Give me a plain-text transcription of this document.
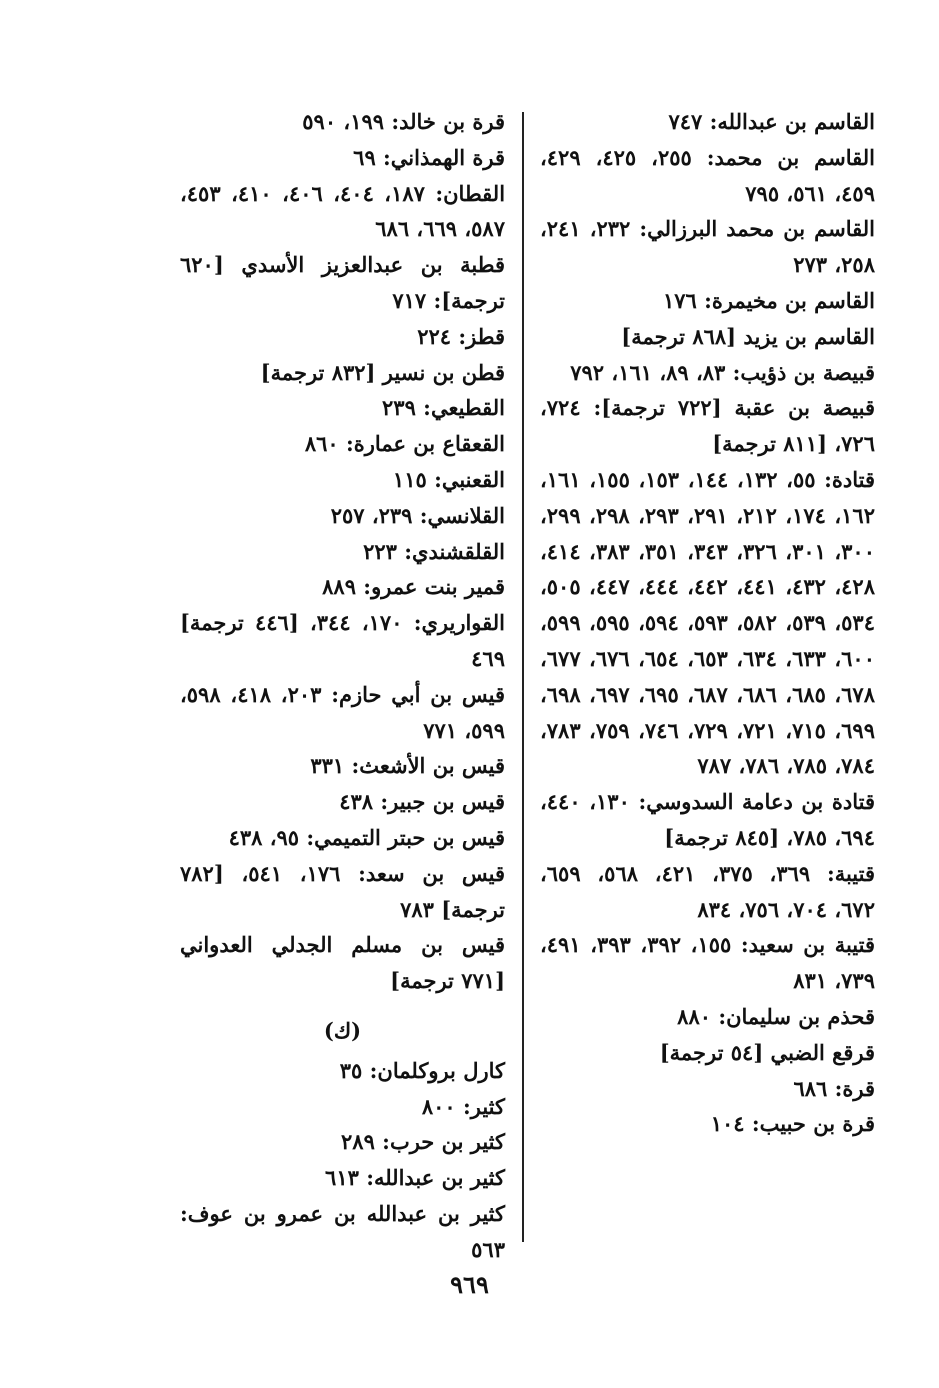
القاسم بن عبدالله: ٧٤٧
القاسم بن محمد: ٢٥٥، ٤٢٥، ٤٢٩، ٤٥٩، ٥٦١، ٧٩٥
القاسم بن محمد البرزالي: ٢٣٢، ٢٤١، ٢٥٨، ٢٧٣
القاسم بن مخيمرة: ١٧٦
القاسم بن يزيد [٨٦٨ ترجمة]
قبيصة بن ذؤيب: ٨٣، ٨٩، ١٦١، ٧٩٢
قبيصة بن عقبة [٧٢٢ ترجمة]: ٧٢٤، ٧٢٦، [٨١١ ترجمة]
قتادة: ٥٥، ١٣٢، ١٤٤، ١٥٣، ١٥٥، ١٦١، ١٦٢، ١٧٤، ٢١٢، ٢٩١، ٢٩٣، ٢٩٨، ٢٩٩، ٣٠٠، ٣٠١، ٣٢٦، ٣٤٣، ٣٥١، ٣٨٣، ٤١٤، ٤٢٨، ٤٣٢، ٤٤١، ٤٤٢، ٤٤٤، ٤٤٧، ٥٠٥، ٥٣٤، ٥٣٩، ٥٨٢، ٥٩٣، ٥٩٤، ٥٩٥، ٥٩٩، ٦٠٠، ٦٣٣، ٦٣٤، ٦٥٣، ٦٥٤، ٦٧٦، ٦٧٧، ٦٧٨، ٦٨٥، ٦٨٦، ٦٨٧، ٦٩٥، ٦٩٧، ٦٩٨، ٦٩٩، ٧١٥، ٧٢١، ٧٢٩، ٧٤٦، ٧٥٩، ٧٨٣، ٧٨٤، ٧٨٥، ٧٨٦، ٧٨٧
قتادة بن دعامة السدوسي: ١٣٠، ٤٤٠، ٦٩٤، ٧٨٥، [٨٤٥ ترجمة]
قتيبة: ٣٦٩، ٣٧٥، ٤٢١، ٥٦٨، ٦٥٩، ٦٧٢، ٧٠٤، ٧٥٦، ٨٣٤
قتيبة بن سعيد: ١٥٥، ٣٩٢، ٣٩٣، ٤٩١، ٧٣٩، ٨٣١
قحذم بن سليمان: ٨٨٠
قرقع الضبي [٥٤ ترجمة]
قرة: ٦٨٦
قرة بن حبيب: ١٠٤
قرة بن خالد: ١٩٩، ٥٩٠
قرة الهمذاني: ٦٩
القطان: ١٨٧، ٤٠٤، ٤٠٦، ٤١٠، ٤٥٣، ٥٨٧، ٦٦٩، ٦٨٦
قطبة بن عبدالعزيز الأسدي [٦٢٠ ترجمة]: ٧١٧
قطز: ٢٢٤
قطن بن نسير [٨٣٢ ترجمة]
القطيعي: ٢٣٩
القعقاع بن عمارة: ٨٦٠
القعنبي: ١١٥
القلانسي: ٢٣٩، ٢٥٧
القلقشندي: ٢٢٣
قمير بنت عمرو: ٨٨٩
القواريري: ١٧٠، ٣٤٤، [٤٤٦ ترجمة] ٤٦٩
قيس بن أبي حازم: ٢٠٣، ٤١٨، ٥٩٨، ٥٩٩، ٧٧١
قيس بن الأشعث: ٣٣١
قيس بن جبير: ٤٣٨
قيس بن حبتر التميمي: ٩٥، ٤٣٨
قيس بن سعد: ١٧٦، ٥٤١، [٧٨٢ ترجمة] ٧٨٣
قيس بن مسلم الجدلي العدواني [٧٧١ ترجمة]
(ك)
كارل بروكلمان: ٣٥
كثير: ٨٠٠
كثير بن حرب: ٢٨٩
كثير بن عبدالله: ٦١٣
كثير بن عبدالله بن عمرو بن عوف: ٥٦٣
٩٦٩
